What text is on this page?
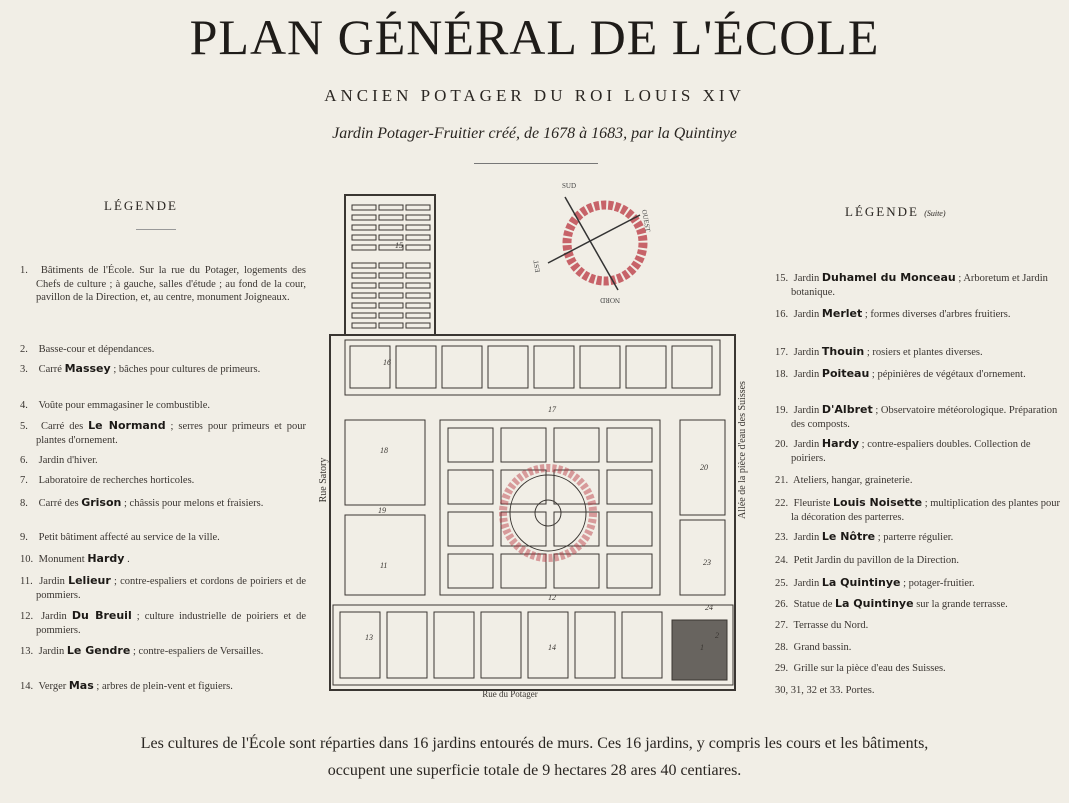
PLAN GÉNÉRAL DE L'ÉCOLE
ANCIEN POTAGER DU ROI LOUIS XIV
Jardin Potager-Fruitier créé, de 1678 à 1683, par la Quintinye
LÉGENDE	LÉGENDE (Suite)
1. Bâtiments de l'École. Sur la rue du Potager, logements des Chefs de culture ; à gauche, salles d'étude ; au fond de la cour, pavillon de la Direction, et, au centre, monument Joigneaux.
2. Basse-cour et dépendances.
3. Carré Massey ; bâches pour cultures de primeurs.
4. Voûte pour emmagasiner le combustible.
5. Carré des Le Normand ; serres pour primeurs et pour plantes d'ornement.
6. Jardin d'hiver.
7. Laboratoire de recherches horticoles.
8. Carré des Grison ; châssis pour melons et fraisiers.
9. Petit bâtiment affecté au service de la ville.
10. Monument Hardy .
11. Jardin Lelieur ; contre-espaliers et cordons de poiriers et de pommiers.
12. Jardin Du Breuil ; culture industrielle de poiriers et de pommiers.
13. Jardin Le Gendre ; contre-espaliers de Versailles.
14. Verger Mas ; arbres de plein-vent et figuiers.
15. Jardin Duhamel du Monceau ; Arboretum et Jardin botanique.
16. Jardin Merlet ; formes diverses d'arbres fruitiers.
17. Jardin Thouin ; rosiers et plantes diverses.
18. Jardin Poiteau ; pépinières de végétaux d'ornement.
19. Jardin D'Albret ; Observatoire météorologique. Préparation des composts.
20. Jardin Hardy ; contre-espaliers doubles. Collection de poiriers.
21. Ateliers, hangar, graineterie.
22. Fleuriste Louis Noisette ; multiplication des plantes pour la décoration des parterres.
23. Jardin Le Nôtre ; parterre régulier.
24. Petit Jardin du pavillon de la Direction.
25. Jardin La Quintinye ; potager-fruitier.
26. Statue de La Quintinye sur la grande terrasse.
27. Terrasse du Nord.
28. Grand bassin.
29. Grille sur la pièce d'eau des Suisses.
30, 31, 32 et 33. Portes.
15
16
17
18
19
11
12
20
23
24
1
2
13
14
Rue Satory
Rue du Potager
Allée de la pièce d'eau des Suisses
SUD
OUEST
EST
NORD
Les cultures de l'École sont réparties dans 16 jardins entourés de murs. Ces 16 jardins, y compris les cours et les bâtiments,
occupent une superficie totale de 9 hectares 28 ares 40 centiares.
